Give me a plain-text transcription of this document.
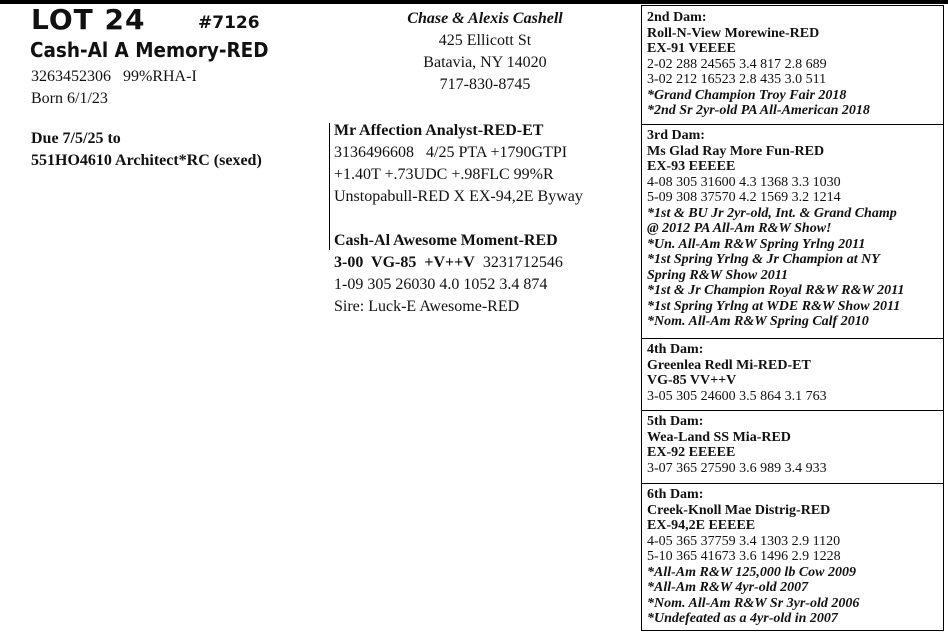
LOT 24	#7126
Cash-Al A Memory-RED
3263452306   99%RHA-I
Born 6/1/23
Due 7/5/25 to
551HO4610 Architect*RC (sexed)
Chase & Alexis Cashell
425 Ellicott St
Batavia, NY 14020
717-830-8745
Mr Affection Analyst-RED-ET
3136496608   4/25 PTA +1790GTPI
+1.40T +.73UDC +.98FLC 99%R
Unstopabull-RED X EX-94,2E Byway
Cash-Al Awesome Moment-RED
3-00  VG-85  +V++V 3231712546
1-09 305 26030 4.0 1052 3.4 874
Sire: Luck-E Awesome-RED
2nd Dam:
Roll-N-View Morewine-RED
EX-91 VEEEE
2-02 288 24565 3.4 817 2.8 689
3-02 212 16523 2.8 435 3.0 511
*Grand Champion Troy Fair 2018
*2nd Sr 2yr-old PA All-American 2018
3rd Dam:
Ms Glad Ray More Fun-RED
EX-93 EEEEE
4-08 305 31600 4.3 1368 3.3 1030
5-09 308 37570 4.2 1569 3.2 1214
*1st & BU Jr 2yr-old, Int. & Grand Champ
@ 2012 PA All-Am R&W Show!
*Un. All-Am R&W Spring Yrlng 2011
*1st Spring Yrlng & Jr Champion at NY
Spring R&W Show 2011
*1st & Jr Champion Royal R&W R&W 2011
*1st Spring Yrlng at WDE R&W Show 2011
*Nom. All-Am R&W Spring Calf 2010
4th Dam:
Greenlea Redl Mi-RED-ET
VG-85 VV++V
3-05 305 24600 3.5 864 3.1 763
5th Dam:
Wea-Land SS Mia-RED
EX-92 EEEEE
3-07 365 27590 3.6 989 3.4 933
6th Dam:
Creek-Knoll Mae Distrig-RED
EX-94,2E EEEEE
4-05 365 37759 3.4 1303 2.9 1120
5-10 365 41673 3.6 1496 2.9 1228
*All-Am R&W 125,000 lb Cow 2009
*All-Am R&W 4yr-old 2007
*Nom. All-Am R&W Sr 3yr-old 2006
*Undefeated as a 4yr-old in 2007
